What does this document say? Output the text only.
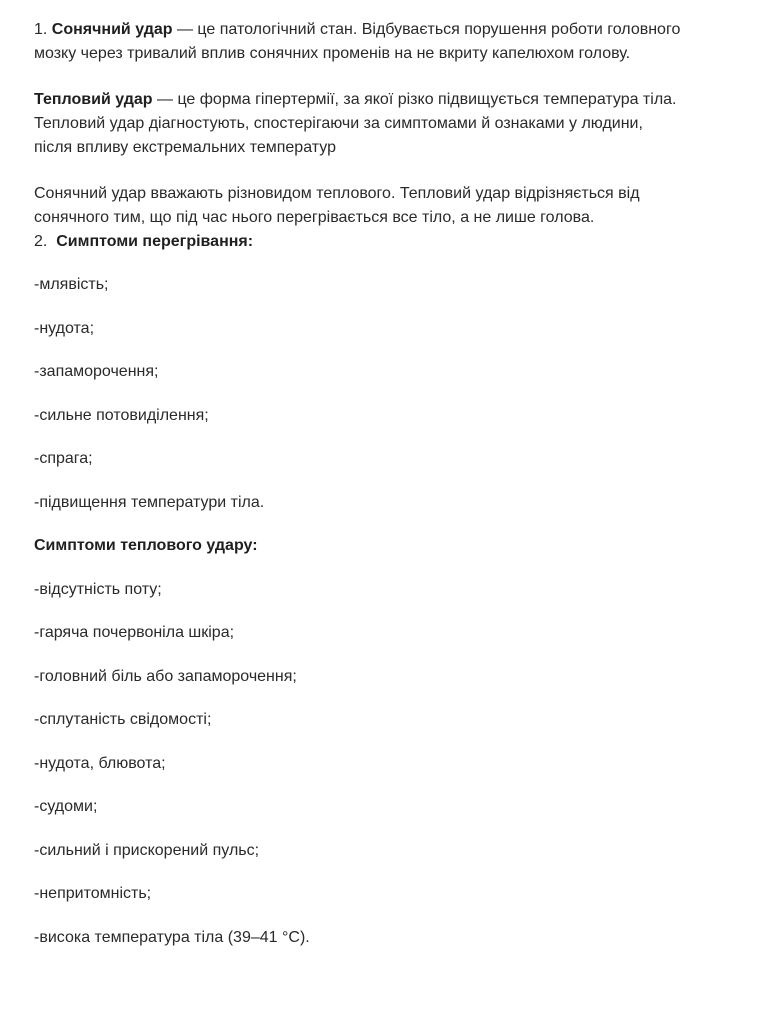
1. Сонячний удар — це патологічний стан. Відбувається порушення роботи головного
мозку через тривалий вплив сонячних променів на не вкриту капелюхом голову.

Тепловий удар — це форма гіпертермії, за якої різко підвищується температура тіла.
Тепловий удар діагностують, спостерігаючи за симптомами й ознаками у людини,
після впливу екстремальних температур

Сонячний удар вважають різновидом теплового. Тепловий удар відрізняється від
сонячного тим, що під час нього перегрівається все тіло, а не лише голова.

2. Симптоми перегрівання:

-млявість;

-нудота;

-запаморочення;

-сильне потовиділення;

-спрага;

-підвищення температури тіла.

Симптоми теплового удару:

-відсутність поту;

-гаряча почервоніла шкіра;

-головний біль або запаморочення;

-сплутаність свідомості;

-нудота, блювота;

-судоми;

-сильний і прискорений пульс;

-непритомність;

-висока температура тіла (39–41 °С).
